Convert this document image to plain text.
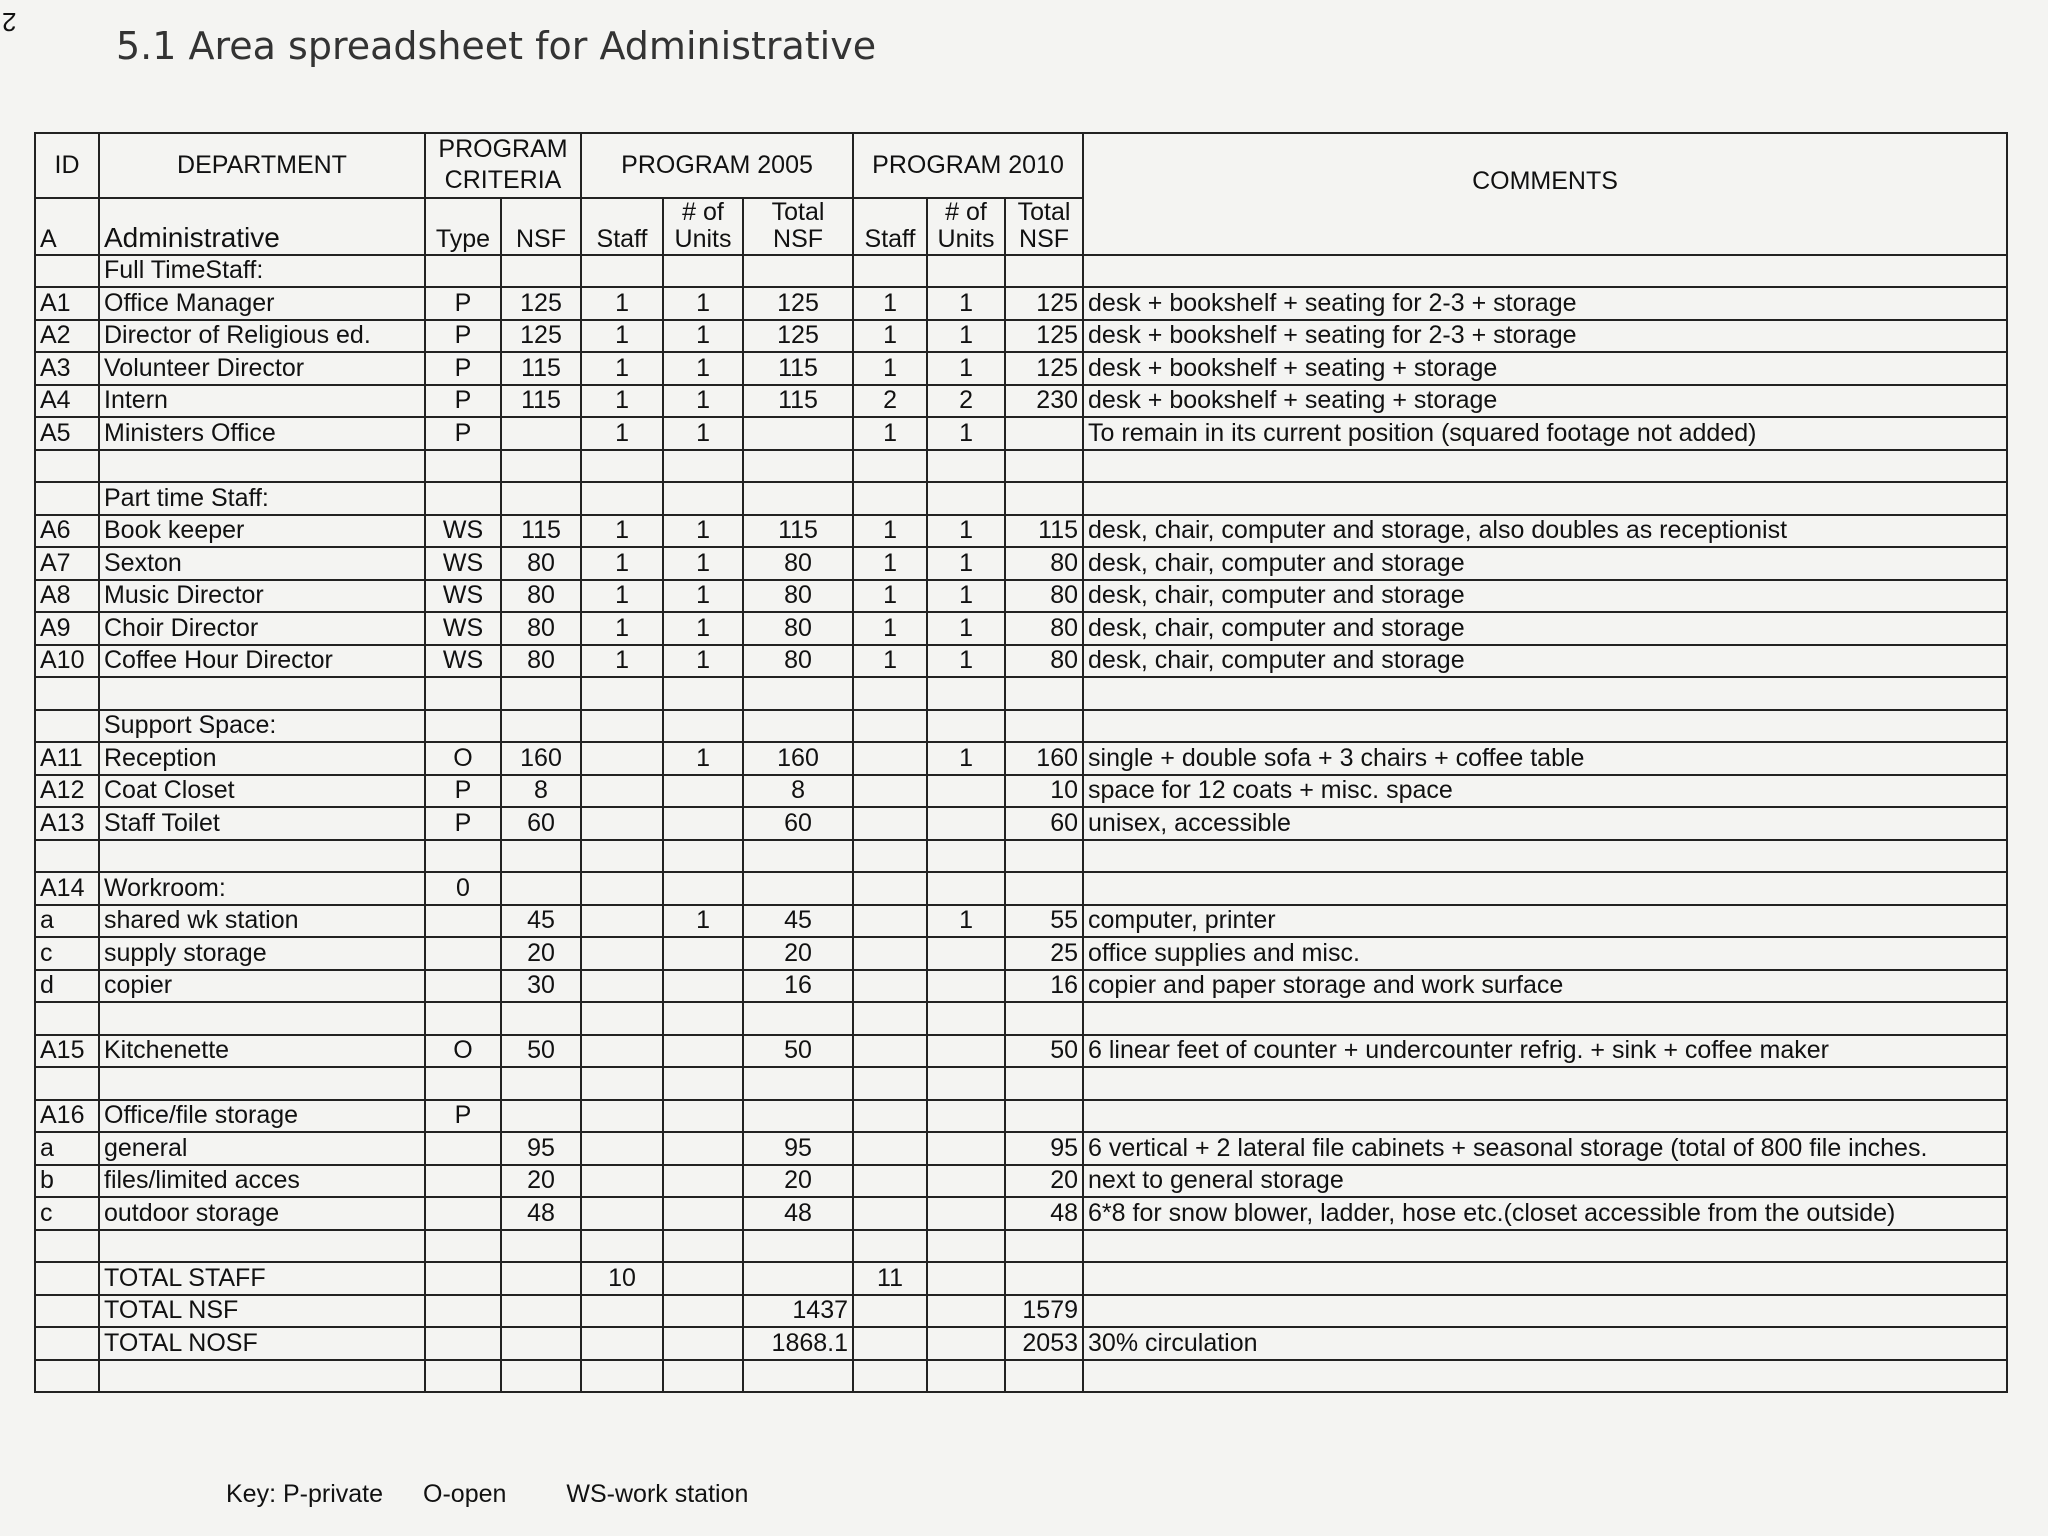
2
5.1 Area spreadsheet for Administrative
ID	DEPARTMENT	PROGRAM CRITERIA		PROGRAM 2005			PROGRAM 2010			COMMENTS
A	Administrative	Type	NSF	Staff	# of Units	Total NSF	Staff	# of Units	Total NSF	
	Full TimeStaff:									
A1	Office Manager	P	125	1	1	125	1	1	125	desk + bookshelf + seating for 2-3 + storage
A2	Director of Religious ed.	P	125	1	1	125	1	1	125	desk + bookshelf + seating for 2-3 + storage
A3	Volunteer Director	P	115	1	1	115	1	1	125	desk + bookshelf + seating + storage
A4	Intern	P	115	1	1	115	2	2	230	desk + bookshelf + seating + storage
A5	Ministers Office	P		1	1		1	1		To remain in its current position (squared footage not added)

	Part time Staff:									
A6	Book keeper	WS	115	1	1	115	1	1	115	desk, chair, computer and storage, also doubles as receptionist
A7	Sexton	WS	80	1	1	80	1	1	80	desk, chair, computer and storage
A8	Music Director	WS	80	1	1	80	1	1	80	desk, chair, computer and storage
A9	Choir Director	WS	80	1	1	80	1	1	80	desk, chair, computer and storage
A10	Coffee Hour Director	WS	80	1	1	80	1	1	80	desk, chair, computer and storage

	Support Space:									
A11	Reception	O	160		1	160		1	160	single + double sofa + 3 chairs + coffee table
A12	Coat Closet	P	8			8			10	space for 12 coats + misc. space
A13	Staff Toilet	P	60			60			60	unisex, accessible

A14	Workroom:	0								
a	shared wk station		45		1	45		1	55	computer, printer
c	supply storage		20			20			25	office supplies and misc.
d	copier		30			16			16	copier and paper storage and work surface

A15	Kitchenette	O	50			50			50	6 linear feet of counter + undercounter refrig. + sink + coffee maker

A16	Office/file storage	P								
a	general		95			95			95	6 vertical + 2 lateral file cabinets + seasonal storage (total of 800 file inches.
b	files/limited acces		20			20			20	next to general storage
c	outdoor storage		48			48			48	6*8 for snow blower, ladder, hose etc.(closet accessible from the outside)

	TOTAL STAFF			10			11			
	TOTAL NSF					1437			1579	
	TOTAL NOSF					1868.1			2053	30% circulation

Key: P-private O-open WS-work station
